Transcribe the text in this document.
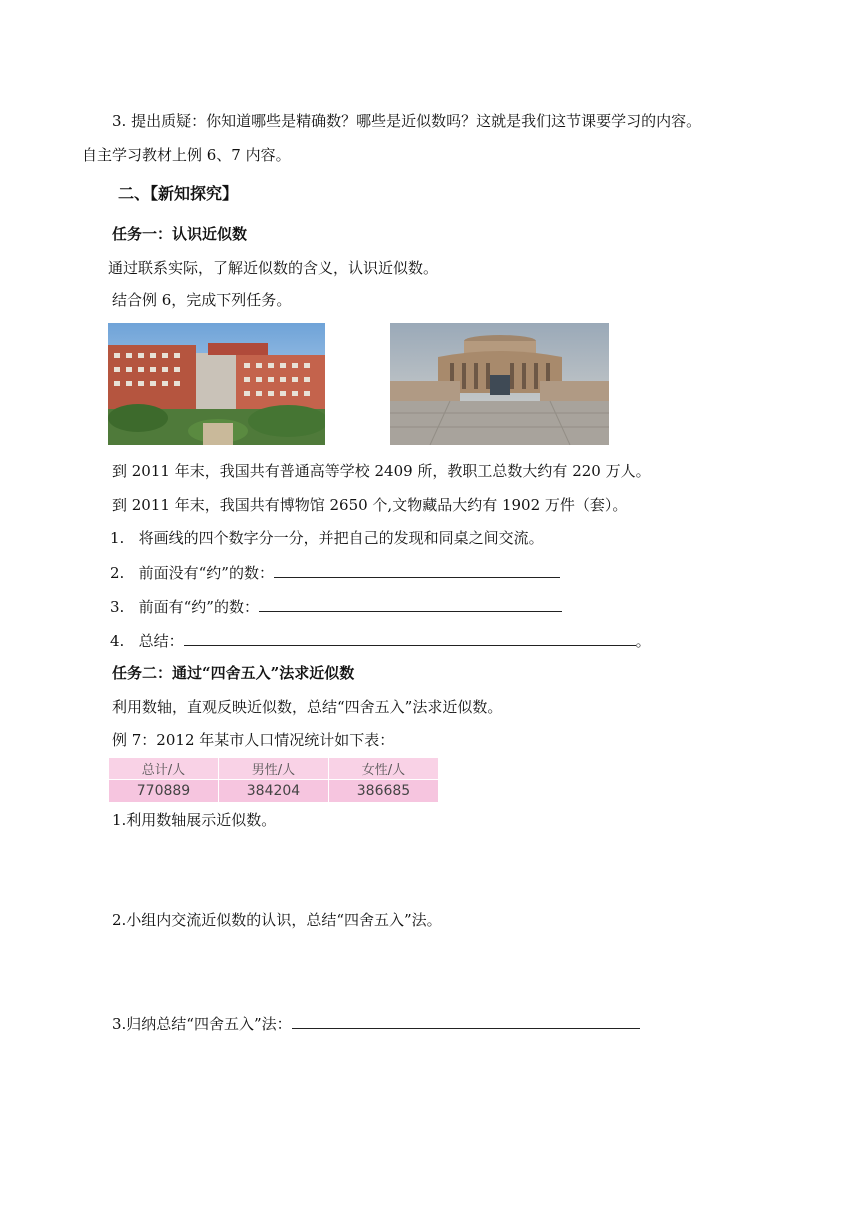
3. 提出质疑：你知道哪些是精确数？哪些是近似数吗？这就是我们这节课要学习的内容。
自主学习教材上例 6、7 内容。
二、【新知探究】
任务一：认识近似数
通过联系实际，了解近似数的含义，认识近似数。
结合例 6，完成下列任务。
到 2011 年末，我国共有普通高等学校 2409 所，教职工总数大约有 220 万人。
到 2011 年末，我国共有博物馆 2650 个,文物藏品大约有 1902 万件（套）。
1. 将画线的四个数字分一分，并把自己的发现和同桌之间交流。
2. 前面没有“约”的数：
3. 前面有“约”的数：
4. 总结：	。
任务二：通过“四舍五入”法求近似数
利用数轴，直观反映近似数，总结“四舍五入”法求近似数。
例 7：2012 年某市人口情况统计如下表：
总计/人	男性/人	女性/人
770889	384204	386685
1.利用数轴展示近似数。
2.小组内交流近似数的认识，总结“四舍五入”法。
3.归纳总结“四舍五入”法：
